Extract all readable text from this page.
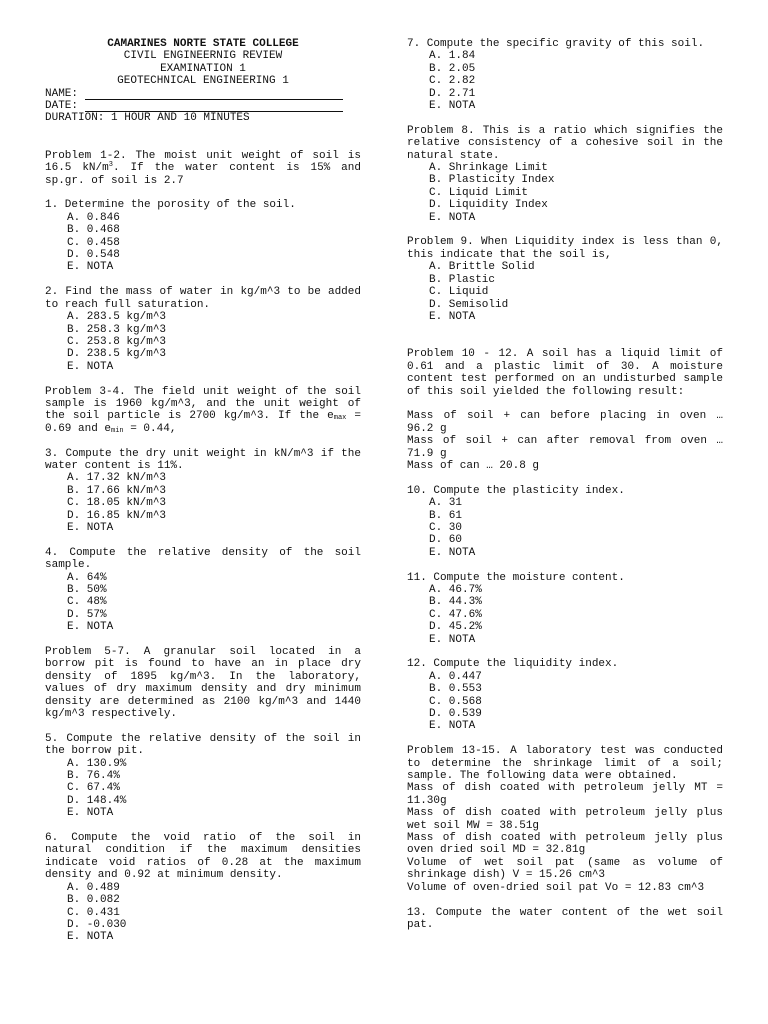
CAMARINES NORTE STATE COLLEGE
CIVIL ENGINEERNIG REVIEW
EXAMINATION 1
GEOTECHNICAL ENGINEERING 1
NAME:
DATE:
DURATION: 1 HOUR AND 10 MINUTES

Problem 1-2. The moist unit weight of soil is 16.5 $kN/m^3$. If the water content is 15% and sp.gr. of soil is 2.7

1. Determine the porosity of the soil.

A. 0.846
B. 0.468
C. 0.458
D. 0.548
E. NOTA

2. Find the mass of water in kg/m^3 to be added to reach full saturation.

A. 283.5 kg/m^3
B. 258.3 kg/m^3
C. 253.8 kg/m^3
D. 238.5 kg/m^3
E. NOTA

Problem 3-4. The field unit weight of the soil sample is 1960 kg/m^3, and the unit weight of the soil particle is 2700 kg/m^3. If the $e_{max} = 0.69$ and $e_{min} = 0.44$,

3. Compute the dry unit weight in kN/m^3 if the water content is 11%.

A. 17.32 kN/m^3
B. 17.66 kN/m^3
C. 18.05 kN/m^3
D. 16.85 kN/m^3
E. NOTA

4. Compute the relative density of the soil sample.

A. 64%
B. 50%
C. 48%
D. 57%
E. NOTA

Problem 5-7. A granular soil located in a borrow pit is found to have an in place dry density of 1895 kg/m^3. In the laboratory, values of dry maximum density and dry minimum density are determined as 2100 kg/m^3 and 1440 kg/m^3 respectively.

5. Compute the relative density of the soil in the borrow pit.

A. 130.9%
B. 76.4%
C. 67.4%
D. 148.4%
E. NOTA

6. Compute the void ratio of the soil in natural condition if the maximum densities indicate void ratios of 0.28 at the maximum density and 0.92 at minimum density.

A. 0.489
B. 0.082
C. 0.431
D. -0.030
E. NOTA

7. Compute the specific gravity of this soil.

A. 1.84
B. 2.05
C. 2.82
D. 2.71
E. NOTA

Problem 8. This is a ratio which signifies the relative consistency of a cohesive soil in the natural state.

A. Shrinkage Limit
B. Plasticity Index
C. Liquid Limit
D. Liquidity Index
E. NOTA

Problem 9. When Liquidity index is less than 0, this indicate that the soil is,

A. Brittle Solid
B. Plastic
C. Liquid
D. Semisolid
E. NOTA

Problem 10 - 12. A soil has a liquid limit of 0.61 and a plastic limit of 30. A moisture content test performed on an undisturbed sample of this soil yielded the following result:

Mass of soil + can before placing in oven … 96.2 g

Mass of soil + can after removal from oven … 71.9 g

Mass of can … 20.8 g

10. Compute the plasticity index.

A. 31
B. 61
C. 30
D. 60
E. NOTA

11. Compute the moisture content.

A. 46.7%
B. 44.3%
C. 47.6%
D. 45.2%
E. NOTA

12. Compute the liquidity index.

A. 0.447
B. 0.553
C. 0.568
D. 0.539
E. NOTA

Problem 13-15. A laboratory test was conducted to determine the shrinkage limit of a soil; sample. The following data were obtained.

Mass of dish coated with petroleum jelly MT = 11.30g

Mass of dish coated with petroleum jelly plus wet soil MW = 38.51g

Mass of dish coated with petroleum jelly plus oven dried soil MD = 32.81g

Volume of wet soil pat (same as volume of shrinkage dish) V = 15.26 cm^3

Volume of oven-dried soil pat Vo = 12.83 cm^3

13. Compute the water content of the wet soil pat.
